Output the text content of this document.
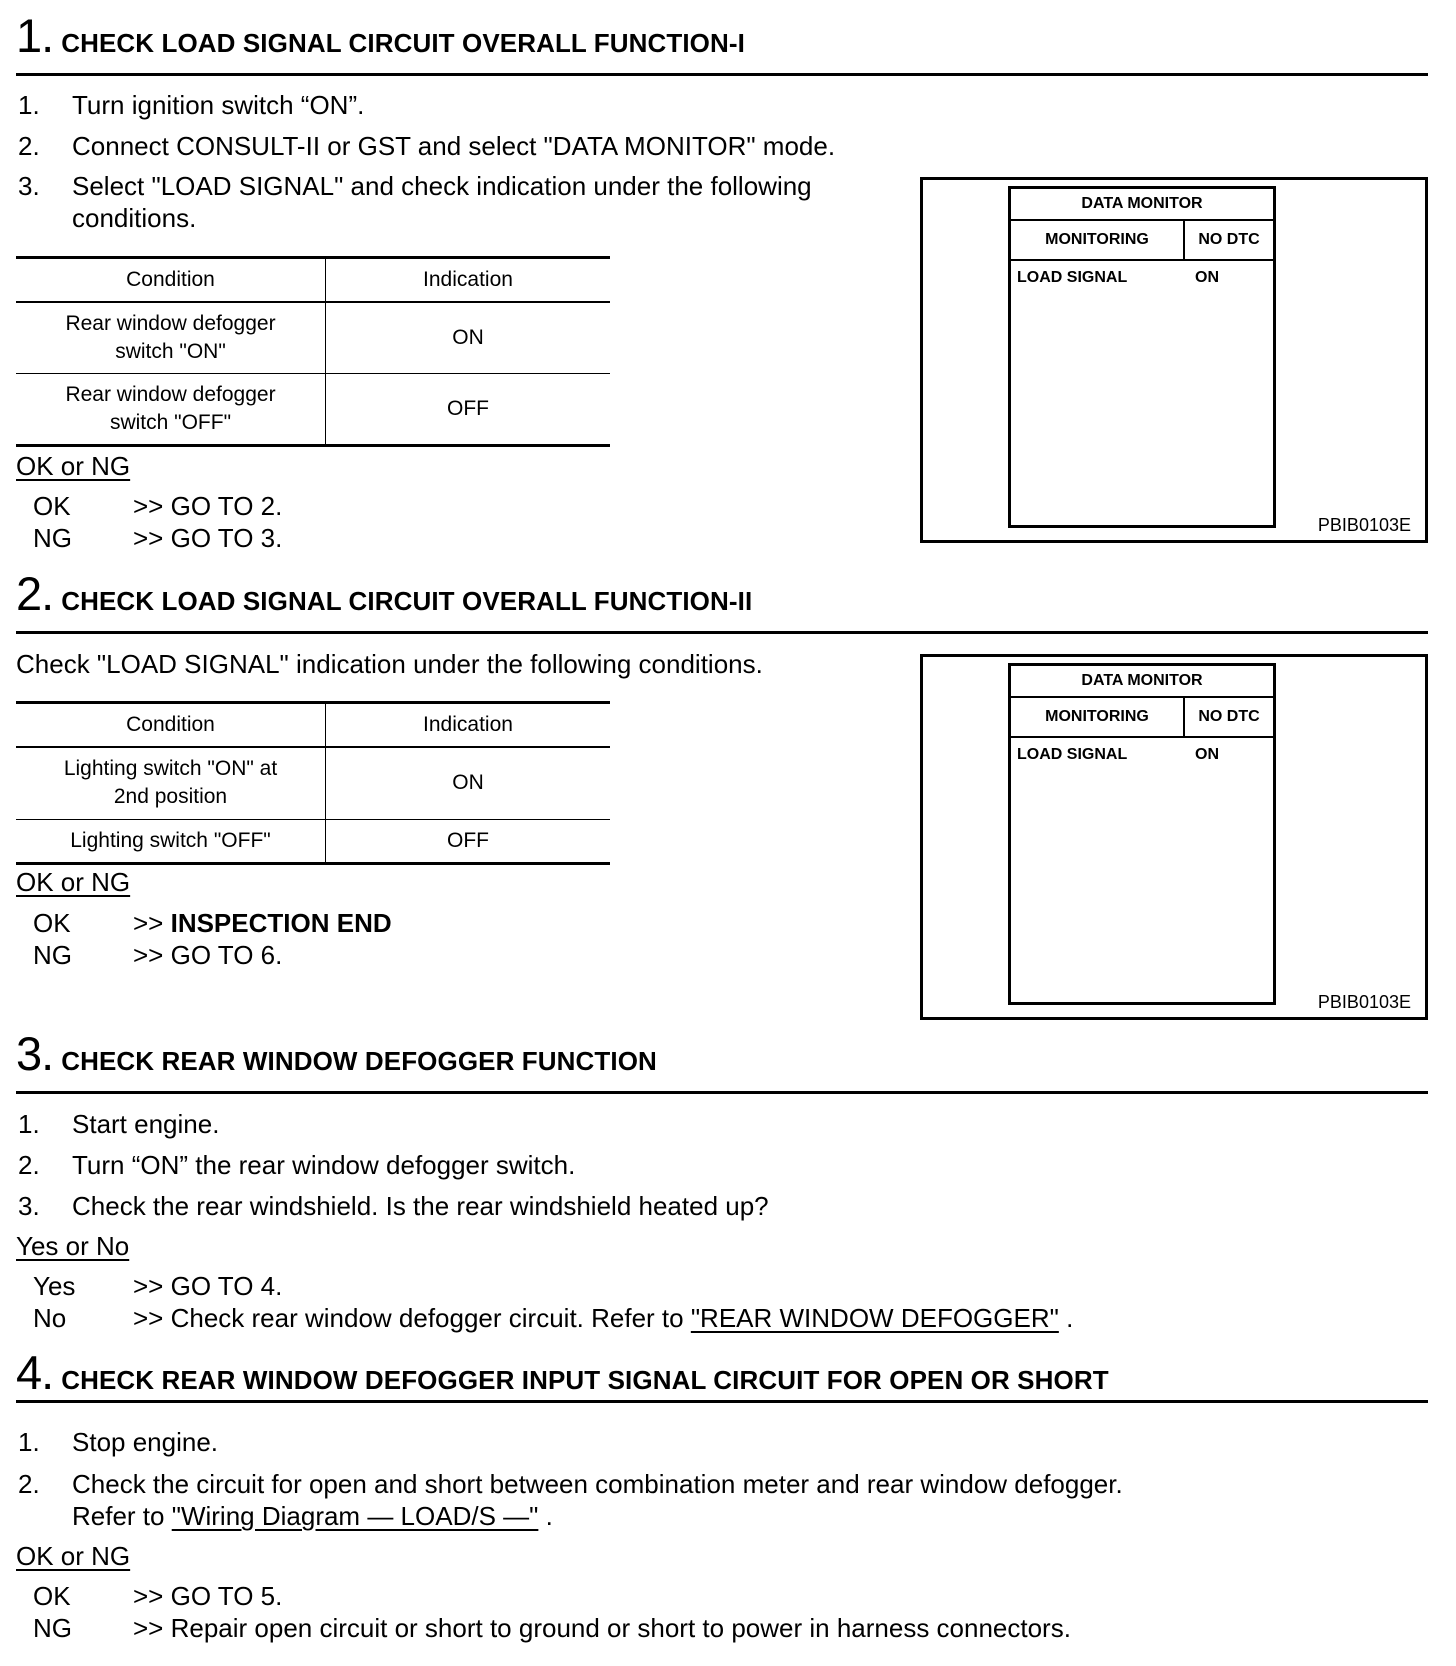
1. CHECK LOAD SIGNAL CIRCUIT OVERALL FUNCTION-I
1. Turn ignition switch “ON”.
2. Connect CONSULT-II or GST and select "DATA MONITOR" mode.
3. Select "LOAD SIGNAL" and check indication under the following
conditions.
Condition	Indication
Rear window defogger
switch "ON"	ON
Rear window defogger
switch "OFF"	OFF
OK or NG
OK >> GO TO 2.
NG >> GO TO 3.
DATA MONITOR
MONITORING	NO DTC
LOAD SIGNAL	ON
PBIB0103E
2. CHECK LOAD SIGNAL CIRCUIT OVERALL FUNCTION-II
Check "LOAD SIGNAL" indication under the following conditions.
Condition	Indication
Lighting switch "ON" at
2nd position	ON
Lighting switch "OFF"	OFF
OK or NG
OK >> INSPECTION END
NG >> GO TO 6.
DATA MONITOR
MONITORING	NO DTC
LOAD SIGNAL	ON
PBIB0103E
3. CHECK REAR WINDOW DEFOGGER FUNCTION
1. Start engine.
2. Turn “ON” the rear window defogger switch.
3. Check the rear windshield. Is the rear windshield heated up?
Yes or No
Yes >> GO TO 4.
No	>> Check rear window defogger circuit. Refer to "REAR WINDOW DEFOGGER" .
4. CHECK REAR WINDOW DEFOGGER INPUT SIGNAL CIRCUIT FOR OPEN OR SHORT
1. Stop engine.
2. Check the circuit for open and short between combination meter and rear window defogger.
Refer to "Wiring Diagram — LOAD/S —" .
OK or NG
OK >> GO TO 5.
NG >> Repair open circuit or short to ground or short to power in harness connectors.
